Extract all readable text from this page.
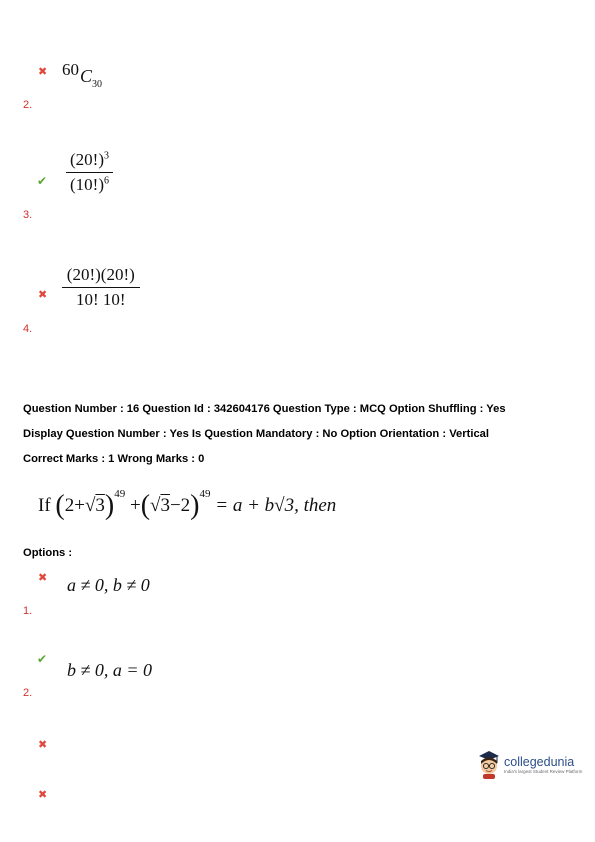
✖ $60C_{30}$
2.
✔ $\frac{(20!)^3}{(10!)^6}$
3.
✖ $\frac{(20!)(20!)}{10! 10!}$
4.
Question Number : 16 Question Id : 342604176 Question Type : MCQ Option Shuffling : Yes
Display Question Number : Yes Is Question Mandatory : No Option Orientation : Vertical
Correct Marks : 1 Wrong Marks : 0
If $(2+√3)^{49} +(√3-2)^{49} = a + b√3$, then
Options :
✖ a ≠ 0, b ≠ 0
1.
✔
b ≠ 0, a = 0
2.
✖
✖
collegedunia
India's largest Student Review Platform
